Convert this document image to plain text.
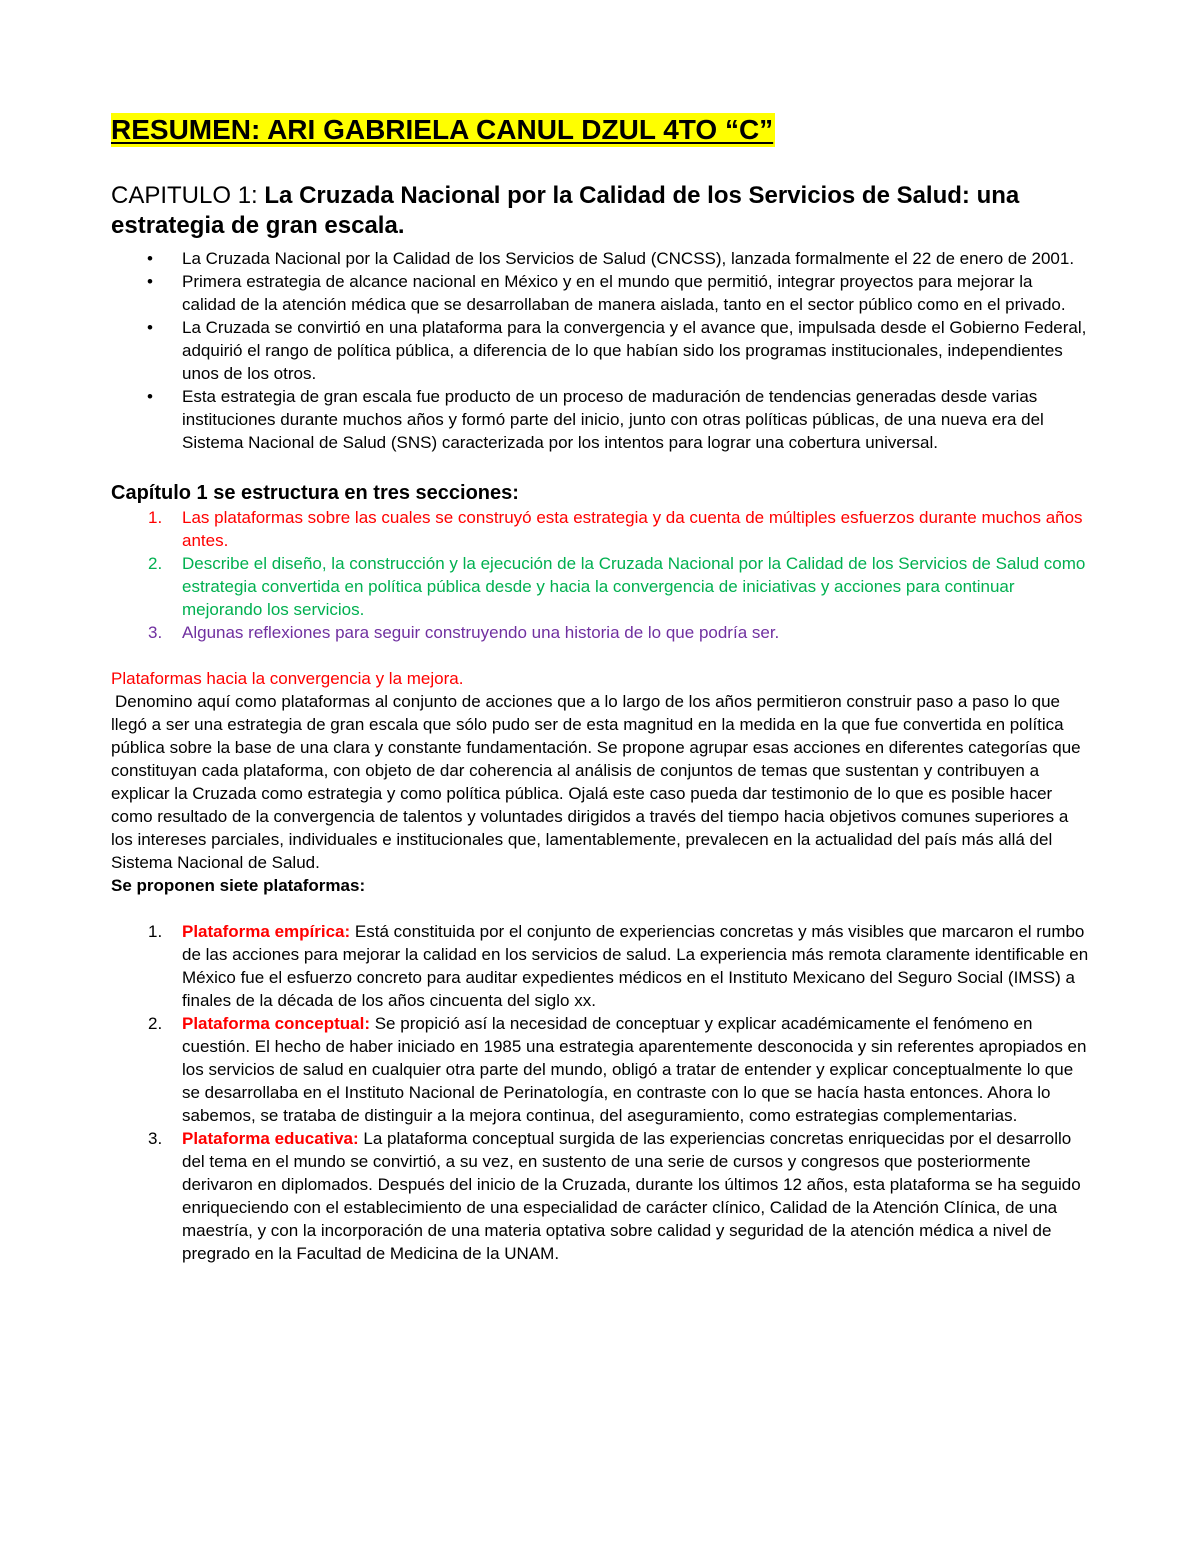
RESUMEN: ARI GABRIELA CANUL DZUL 4TO “C”
CAPITULO 1: La Cruzada Nacional por la Calidad de los Servicios de Salud: una estrategia de gran escala.
• La Cruzada Nacional por la Calidad de los Servicios de Salud (CNCSS), lanzada formalmente el 22 de enero de 2001.
• Primera estrategia de alcance nacional en México y en el mundo que permitió, integrar proyectos para mejorar la calidad de la atención médica que se desarrollaban de manera aislada, tanto en el sector público como en el privado.
• La Cruzada se convirtió en una plataforma para la convergencia y el avance que, impulsada desde el Gobierno Federal, adquirió el rango de política pública, a diferencia de lo que habían sido los programas institucionales, independientes unos de los otros.
• Esta estrategia de gran escala fue producto de un proceso de maduración de tendencias generadas desde varias instituciones durante muchos años y formó parte del inicio, junto con otras políticas públicas, de una nueva era del Sistema Nacional de Salud (SNS) caracterizada por los intentos para lograr una cobertura universal.
Capítulo 1 se estructura en tres secciones:
1. Las plataformas sobre las cuales se construyó esta estrategia y da cuenta de múltiples esfuerzos durante muchos años antes.
2. Describe el diseño, la construcción y la ejecución de la Cruzada Nacional por la Calidad de los Servicios de Salud como estrategia convertida en política pública desde y hacia la convergencia de iniciativas y acciones para continuar mejorando los servicios.
3. Algunas reflexiones para seguir construyendo una historia de lo que podría ser.

Plataformas hacia la convergencia y la mejora.

Denomino aquí como plataformas al conjunto de acciones que a lo largo de los años permitieron construir paso a paso lo que llegó a ser una estrategia de gran escala que sólo pudo ser de esta magnitud en la medida en la que fue convertida en política pública sobre la base de una clara y constante fundamentación. Se propone agrupar esas acciones en diferentes categorías que constituyan cada plataforma, con objeto de dar coherencia al análisis de conjuntos de temas que sustentan y contribuyen a explicar la Cruzada como estrategia y como política pública. Ojalá este caso pueda dar testimonio de lo que es posible hacer como resultado de la convergencia de talentos y voluntades dirigidos a través del tiempo hacia objetivos comunes superiores a los intereses parciales, individuales e institucionales que, lamentablemente, prevalecen en la actualidad del país más allá del Sistema Nacional de Salud.

Se proponen siete plataformas:

1. Plataforma empírica: Está constituida por el conjunto de experiencias concretas y más visibles que marcaron el rumbo de las acciones para mejorar la calidad en los servicios de salud. La experiencia más remota claramente identificable en México fue el esfuerzo concreto para auditar expedientes médicos en el Instituto Mexicano del Seguro Social (IMSS) a finales de la década de los años cincuenta del siglo xx.
2. Plataforma conceptual: Se propició así la necesidad de conceptuar y explicar académicamente el fenómeno en cuestión. El hecho de haber iniciado en 1985 una estrategia aparentemente desconocida y sin referentes apropiados en los servicios de salud en cualquier otra parte del mundo, obligó a tratar de entender y explicar conceptualmente lo que se desarrollaba en el Instituto Nacional de Perinatología, en contraste con lo que se hacía hasta entonces. Ahora lo sabemos, se trataba de distinguir a la mejora continua, del aseguramiento, como estrategias complementarias.
3. Plataforma educativa: La plataforma conceptual surgida de las experiencias concretas enriquecidas por el desarrollo del tema en el mundo se convirtió, a su vez, en sustento de una serie de cursos y congresos que posteriormente derivaron en diplomados. Después del inicio de la Cruzada, durante los últimos 12 años, esta plataforma se ha seguido enriqueciendo con el establecimiento de una especialidad de carácter clínico, Calidad de la Atención Clínica, de una maestría, y con la incorporación de una materia optativa sobre calidad y seguridad de la atención médica a nivel de pregrado en la Facultad de Medicina de la UNAM.
